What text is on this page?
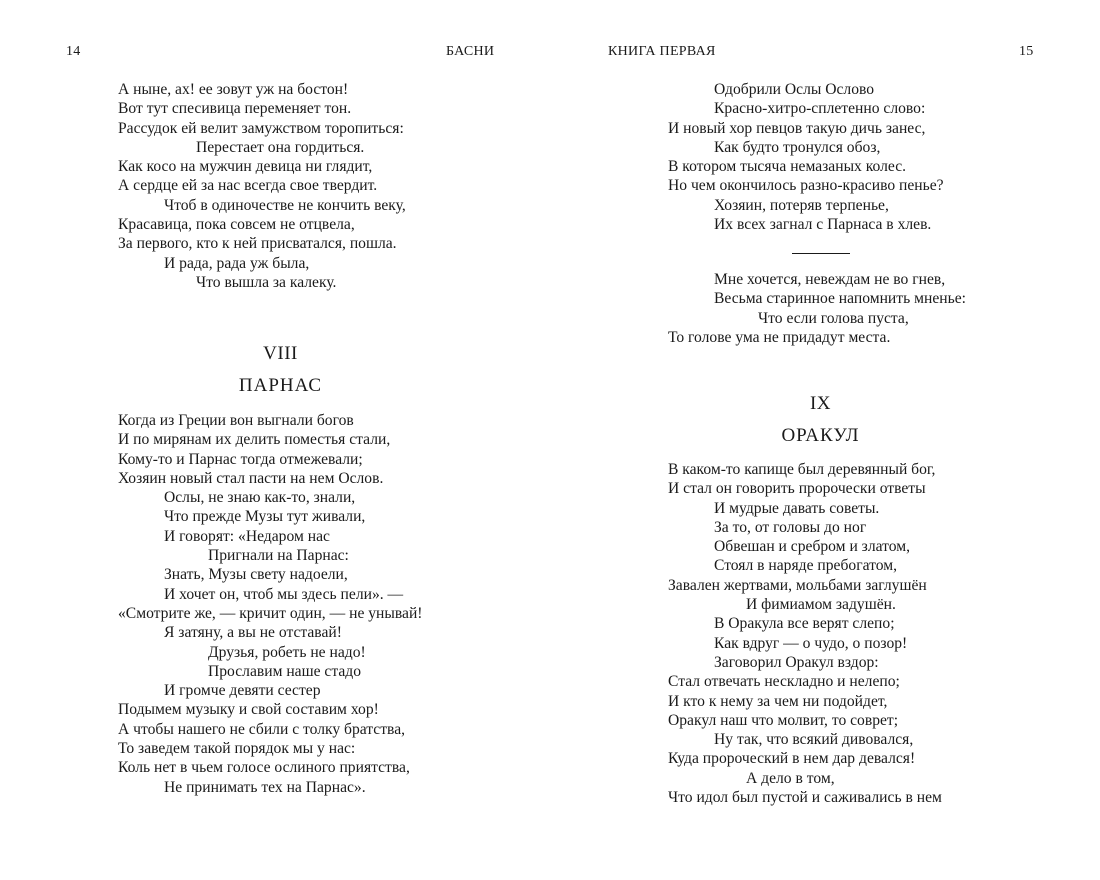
14	БАСНИ
А ныне, ах! ее зовут уж на бостон!
Вот тут спесивица переменяет тон.
Рассудок ей велит замужством торопиться:
Перестает она гордиться.
Как косо на мужчин девица ни глядит,
А сердце ей за нас всегда свое твердит.
Чтоб в одиночестве не кончить веку,
Красавица, пока совсем не отцвела,
За первого, кто к ней присватался, пошла.
И рада, рада уж была,
Что вышла за калеку.
VIII
ПАРНАС
Когда из Греции вон выгнали богов
И по мирянам их делить поместья стали,
Кому-то и Парнас тогда отмежевали;
Хозяин новый стал пасти на нем Ослов.
Ослы, не знаю как-то, знали,
Что прежде Музы тут живали,
И говорят: «Недаром нас
Пригнали на Парнас:
Знать, Музы свету надоели,
И хочет он, чтоб мы здесь пели». —
«Смотрите же, — кричит один, — не унывай!
Я затяну, а вы не отставай!
Друзья, робеть не надо!
Прославим наше стадо
И громче девяти сестер
Подымем музыку и свой составим хор!
А чтобы нашего не сбили с толку братства,
То заведем такой порядок мы у нас:
Коль нет в чьем голосе ослиного приятства,
Не принимать тех на Парнас».
КНИГА ПЕРВАЯ	15
Одобрили Ослы Ослово
Красно-хитро-сплетенно слово:
И новый хор певцов такую дичь занес,
Как будто тронулся обоз,
В котором тысяча немазаных колес.
Но чем окончилось разно-красиво пенье?
Хозяин, потеряв терпенье,
Их всех загнал с Парнаса в хлев.
Мне хочется, невеждам не во гнев,
Весьма старинное напомнить мненье:
Что если голова пуста,
То голове ума не придадут места.
IX
ОРАКУЛ
В каком-то капище был деревянный бог,
И стал он говорить пророчески ответы
И мудрые давать советы.
За то, от головы до ног
Обвешан и сребром и златом,
Стоял в наряде пребогатом,
Завален жертвами, мольбами заглушён
И фимиамом задушён.
В Оракула все верят слепо;
Как вдруг — о чудо, о позор!
Заговорил Оракул вздор:
Стал отвечать нескладно и нелепо;
И кто к нему за чем ни подойдет,
Оракул наш что молвит, то соврет;
Ну так, что всякий дивовался,
Куда пророческий в нем дар девался!
А дело в том,
Что идол был пустой и саживались в нем
